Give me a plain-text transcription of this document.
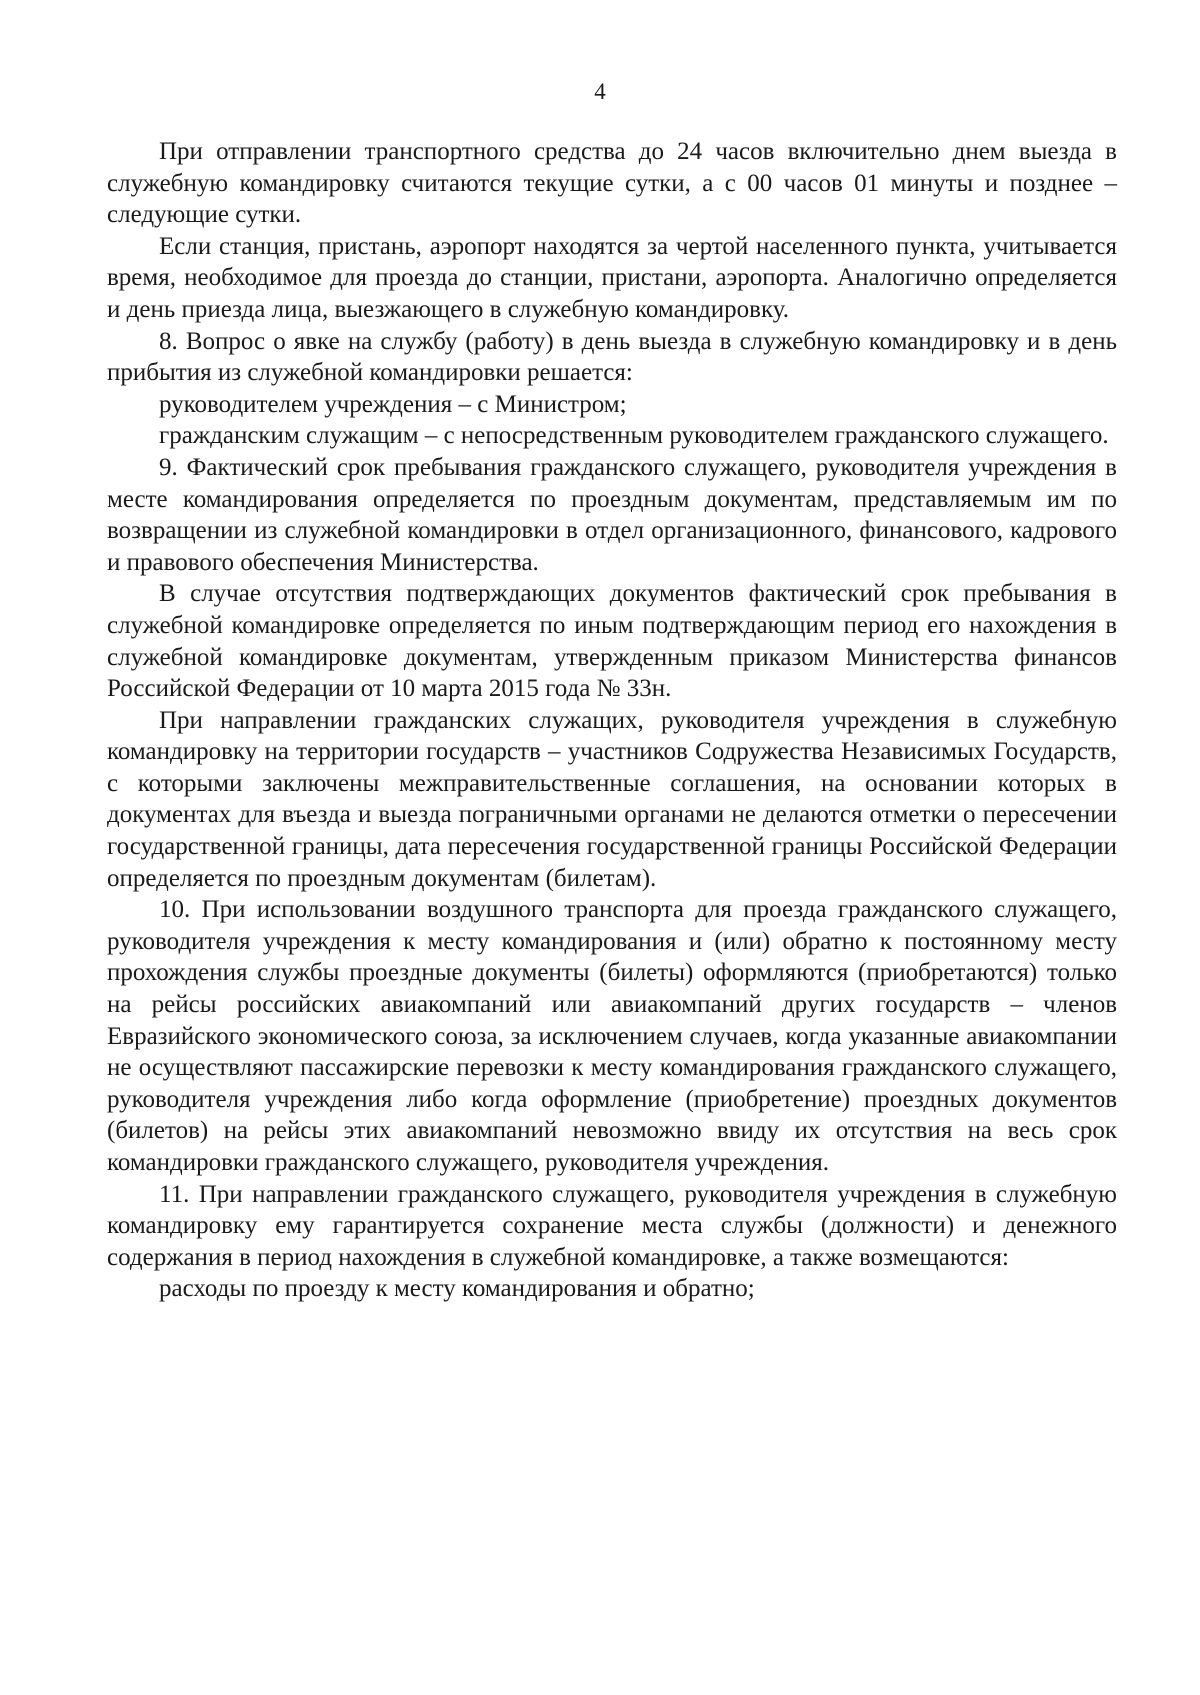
4

При отправлении транспортного средства до 24 часов включительно днем выезда в служебную командировку считаются текущие сутки, а с 00 часов 01 минуты и позднее – следующие сутки.

Если станция, пристань, аэропорт находятся за чертой населенного пункта, учитывается время, необходимое для проезда до станции, пристани, аэропорта. Аналогично определяется и день приезда лица, выезжающего в служебную командировку.

8. Вопрос о явке на службу (работу) в день выезда в служебную командировку и в день прибытия из служебной командировки решается:

руководителем учреждения – с Министром;

гражданским служащим – с непосредственным руководителем гражданского служащего.

9. Фактический срок пребывания гражданского служащего, руководителя учреждения в месте командирования определяется по проездным документам, представляемым им по возвращении из служебной командировки в отдел организационного, финансового, кадрового и правового обеспечения Министерства.

В случае отсутствия подтверждающих документов фактический срок пребывания в служебной командировке определяется по иным подтверждающим период его нахождения в служебной командировке документам, утвержденным приказом Министерства финансов Российской Федерации от 10 марта 2015 года № 33н.

При направлении гражданских служащих, руководителя учреждения в служебную командировку на территории государств – участников Содружества Независимых Государств, с которыми заключены межправительственные соглашения, на основании которых в документах для въезда и выезда пограничными органами не делаются отметки о пересечении государственной границы, дата пересечения государственной границы Российской Федерации определяется по проездным документам (билетам).

10. При использовании воздушного транспорта для проезда гражданского служащего, руководителя учреждения к месту командирования и (или) обратно к постоянному месту прохождения службы проездные документы (билеты) оформляются (приобретаются) только на рейсы российских авиакомпаний или авиакомпаний других государств – членов Евразийского экономического союза, за исключением случаев, когда указанные авиакомпании не осуществляют пассажирские перевозки к месту командирования гражданского служащего, руководителя учреждения либо когда оформление (приобретение) проездных документов (билетов) на рейсы этих авиакомпаний невозможно ввиду их отсутствия на весь срок командировки гражданского служащего, руководителя учреждения.

11. При направлении гражданского служащего, руководителя учреждения в служебную командировку ему гарантируется сохранение места службы (должности) и денежного содержания в период нахождения в служебной командировке, а также возмещаются:

расходы по проезду к месту командирования и обратно;
